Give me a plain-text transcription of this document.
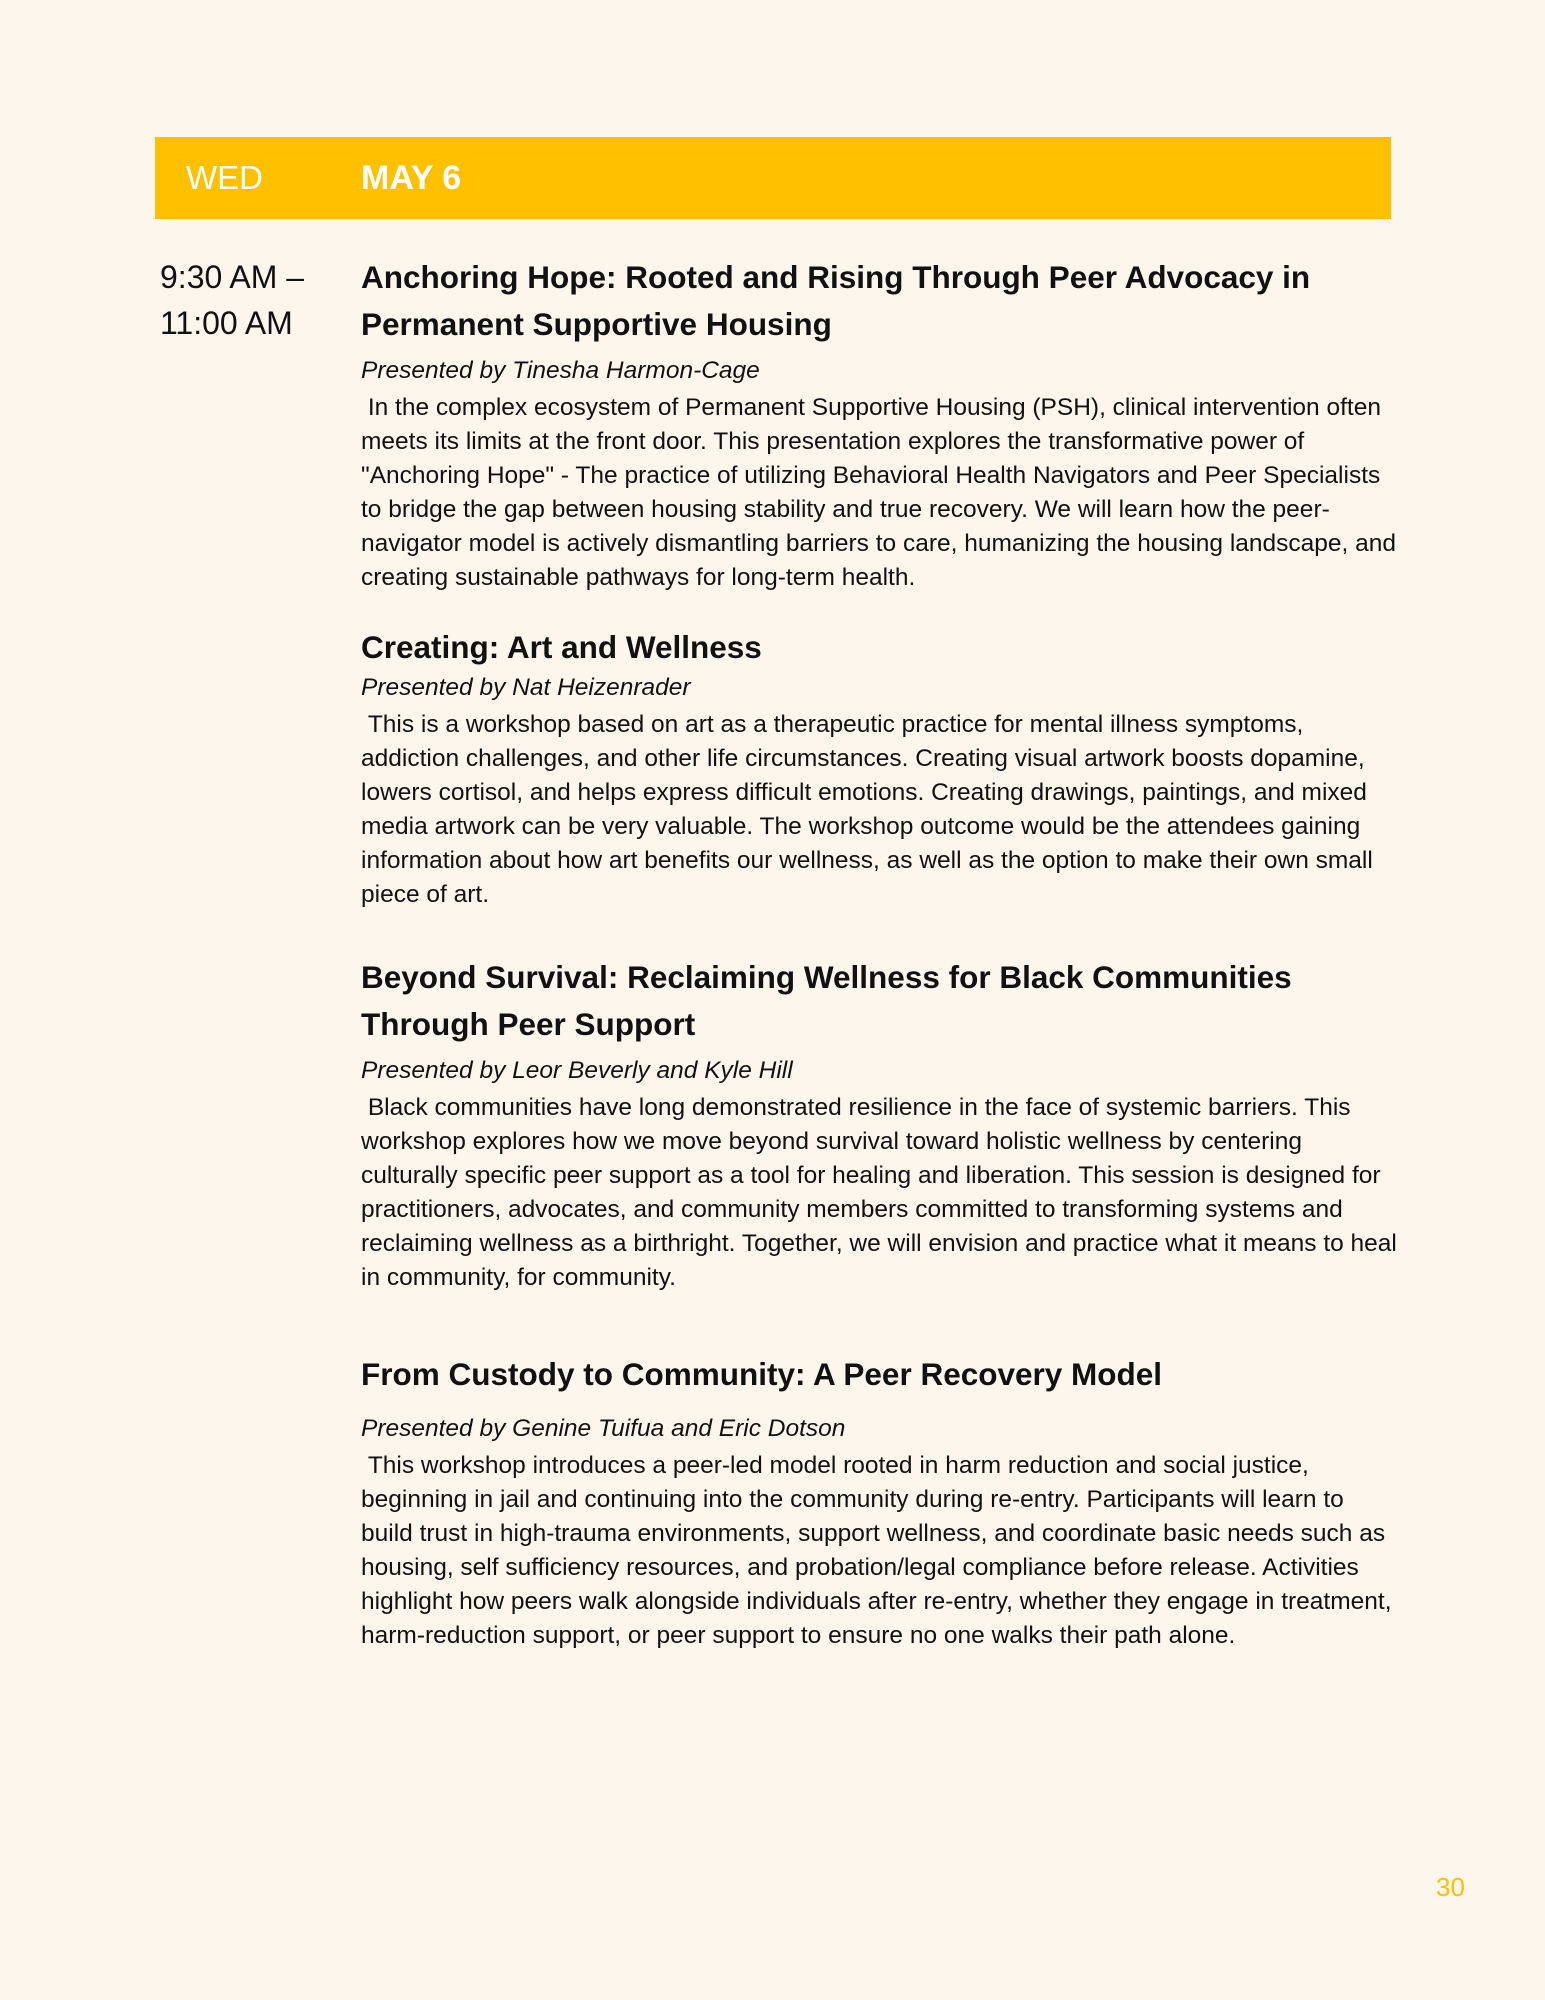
WED	MAY 6
9:30 AM –
11:00 AM
Anchoring Hope: Rooted and Rising Through Peer Advocacy in Permanent Supportive Housing

Presented by Tinesha Harmon-Cage

In the complex ecosystem of Permanent Supportive Housing (PSH), clinical intervention often meets its limits at the front door. This presentation explores the transformative power of "Anchoring Hope" - The practice of utilizing Behavioral Health Navigators and Peer Specialists to bridge the gap between housing stability and true recovery. We will learn how the peer-navigator model is actively dismantling barriers to care, humanizing the housing landscape, and creating sustainable pathways for long-term health.

Creating: Art and Wellness

Presented by Nat Heizenrader

This is a workshop based on art as a therapeutic practice for mental illness symptoms, addiction challenges, and other life circumstances. Creating visual artwork boosts dopamine, lowers cortisol, and helps express difficult emotions. Creating drawings, paintings, and mixed media artwork can be very valuable. The workshop outcome would be the attendees gaining information about how art benefits our wellness, as well as the option to make their own small piece of art.

Beyond Survival: Reclaiming Wellness for Black Communities Through Peer Support

Presented by Leor Beverly and Kyle Hill

Black communities have long demonstrated resilience in the face of systemic barriers. This workshop explores how we move beyond survival toward holistic wellness by centering culturally specific peer support as a tool for healing and liberation. This session is designed for practitioners, advocates, and community members committed to transforming systems and reclaiming wellness as a birthright. Together, we will envision and practice what it means to heal in community, for community.

From Custody to Community: A Peer Recovery Model

Presented by Genine Tuifua and Eric Dotson

This workshop introduces a peer-led model rooted in harm reduction and social justice, beginning in jail and continuing into the community during re-entry. Participants will learn to build trust in high-trauma environments, support wellness, and coordinate basic needs such as housing, self sufficiency resources, and probation/legal compliance before release. Activities highlight how peers walk alongside individuals after re-entry, whether they engage in treatment, harm-reduction support, or peer support to ensure no one walks their path alone.

30
